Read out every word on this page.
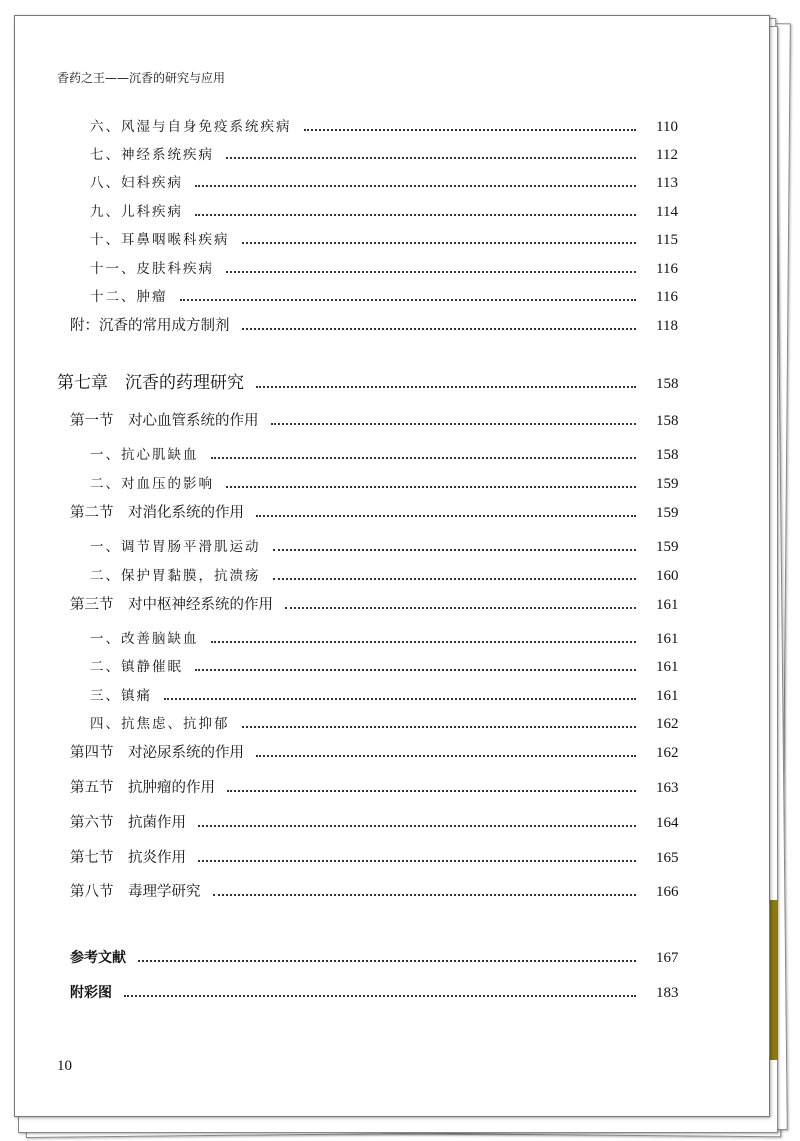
香药之王——沉香的研究与应用
六、风湿与自身免疫系统疾病	110
七、神经系统疾病	112
八、妇科疾病	113
九、儿科疾病	114
十、耳鼻咽喉科疾病	115
十一、皮肤科疾病	116
十二、肿瘤	116
附：沉香的常用成方制剂	118
第七章　沉香的药理研究	158
第一节　对心血管系统的作用	158
一、抗心肌缺血	158
二、对血压的影响	159
第二节　对消化系统的作用	159
一、调节胃肠平滑肌运动	159
二、保护胃黏膜，抗溃疡	160
第三节　对中枢神经系统的作用	161
一、改善脑缺血	161
二、镇静催眠	161
三、镇痛	161
四、抗焦虑、抗抑郁	162
第四节　对泌尿系统的作用	162
第五节　抗肿瘤的作用	163
第六节　抗菌作用	164
第七节　抗炎作用	165
第八节　毒理学研究	166
参考文献	167
附彩图	183
10
